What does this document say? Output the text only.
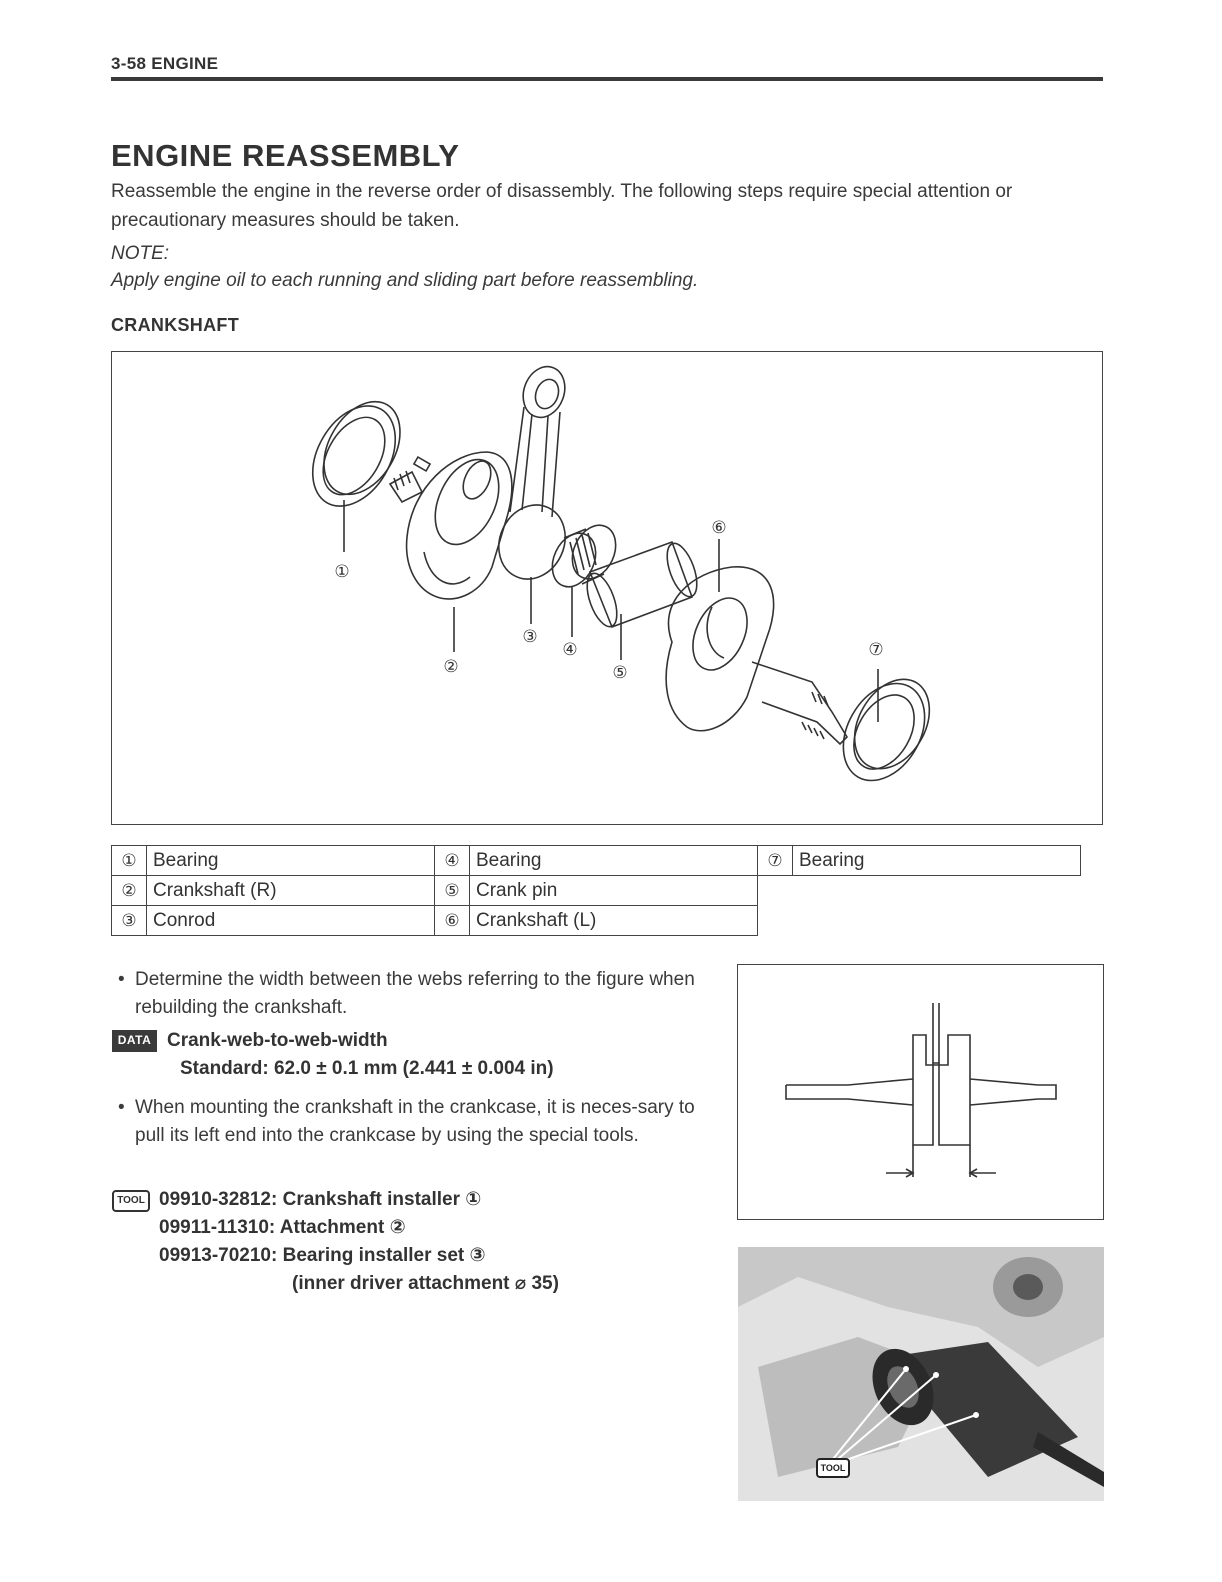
3-58 ENGINE
ENGINE REASSEMBLY
Reassemble the engine in the reverse order of disassembly. The following steps require special attention or precautionary measures should be taken.
NOTE:
Apply engine oil to each running and sliding part before reassembling.
CRANKSHAFT
①
②
③
④
⑤
⑥
⑦
①	Bearing	④	Bearing	⑦	Bearing
②	Crankshaft (R)	⑤	Crank pin		
③	Conrod	⑥	Crankshaft (L)		
• Determine the width between the webs referring to the figure when rebuilding the crankshaft.
DATA Crank-web-to-web-width
Standard: 62.0 ± 0.1 mm (2.441 ± 0.004 in)
• When mounting the crankshaft in the crankcase, it is neces-sary to pull its left end into the crankcase by using the special tools.
TOOL 09910-32812: Crankshaft installer ①
09911-11310: Attachment ②
09913-70210: Bearing installer set ③
(inner driver attachment ⌀ 35)
TOOL
